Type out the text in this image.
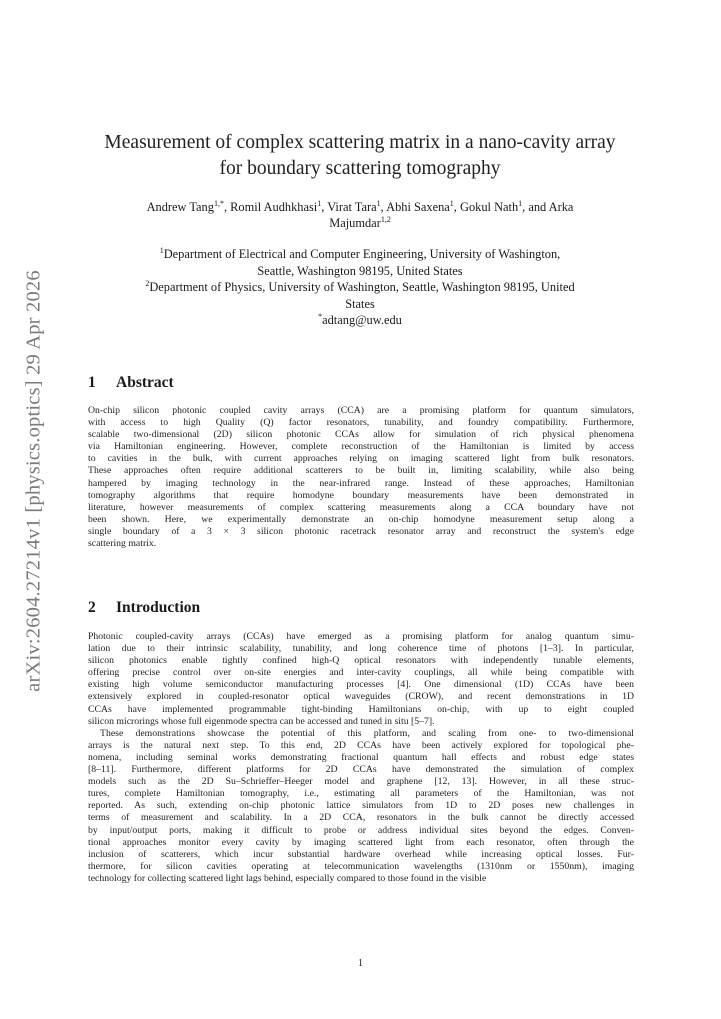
arXiv:2604.27214v1 [physics.optics] 29 Apr 2026
Measurement of complex scattering matrix in a nano-cavity array
for boundary scattering tomography
Andrew Tang$^{1,*}$, Romil Audhkhasi$^1$, Virat Tara$^1$, Abhi Saxena$^1$, Gokul Nath$^1$, and Arka
Majumdar$^{1,2}$
$^1$Department of Electrical and Computer Engineering, University of Washington,
Seattle, Washington 98195, United States
$^2$Department of Physics, University of Washington, Seattle, Washington 98195, United
States
*adtang@uw.edu
1 Abstract
On-chip silicon photonic coupled cavity arrays (CCA) are a promising platform for quantum simulators,
with access to high Quality (Q) factor resonators, tunability, and foundry compatibility. Furthermore,
scalable two-dimensional (2D) silicon photonic CCAs allow for simulation of rich physical phenomena
via Hamiltonian engineering. However, complete reconstruction of the Hamiltonian is limited by access
to cavities in the bulk, with current approaches relying on imaging scattered light from bulk resonators.
These approaches often require additional scatterers to be built in, limiting scalability, while also being
hampered by imaging technology in the near-infrared range. Instead of these approaches, Hamiltonian
tomography algorithms that require homodyne boundary measurements have been demonstrated in
literature, however measurements of complex scattering measurements along a CCA boundary have not
been shown. Here, we experimentally demonstrate an on-chip homodyne measurement setup along a
single boundary of a 3 × 3 silicon photonic racetrack resonator array and reconstruct the system's edge
scattering matrix.
2 Introduction
Photonic coupled-cavity arrays (CCAs) have emerged as a promising platform for analog quantum simu-
lation due to their intrinsic scalability, tunability, and long coherence time of photons [1–3]. In particular,
silicon photonics enable tightly confined high-Q optical resonators with independently tunable elements,
offering precise control over on-site energies and inter-cavity couplings, all while being compatible with
existing high volume semiconductor manufacturing processes [4]. One dimensional (1D) CCAs have been
extensively explored in coupled-resonator optical waveguides (CROW), and recent demonstrations in 1D
CCAs have implemented programmable tight-binding Hamiltonians on-chip, with up to eight coupled
silicon microrings whose full eigenmode spectra can be accessed and tuned in situ [5–7].
These demonstrations showcase the potential of this platform, and scaling from one- to two-dimensional
arrays is the natural next step. To this end, 2D CCAs have been actively explored for topological phe-
nomena, including seminal works demonstrating fractional quantum hall effects and robust edge states
[8–11]. Furthermore, different platforms for 2D CCAs have demonstrated the simulation of complex
models such as the 2D Su–Schrieffer–Heeger model and graphene [12, 13]. However, in all these struc-
tures, complete Hamiltonian tomography, i.e., estimating all parameters of the Hamiltonian, was not
reported. As such, extending on-chip photonic lattice simulators from 1D to 2D poses new challenges in
terms of measurement and scalability. In a 2D CCA, resonators in the bulk cannot be directly accessed
by input/output ports, making it difficult to probe or address individual sites beyond the edges. Conven-
tional approaches monitor every cavity by imaging scattered light from each resonator, often through the
inclusion of scatterers, which incur substantial hardware overhead while increasing optical losses. Fur-
thermore, for silicon cavities operating at telecommunication wavelengths (1310nm or 1550nm), imaging
technology for collecting scattered light lags behind, especially compared to those found in the visible
1
